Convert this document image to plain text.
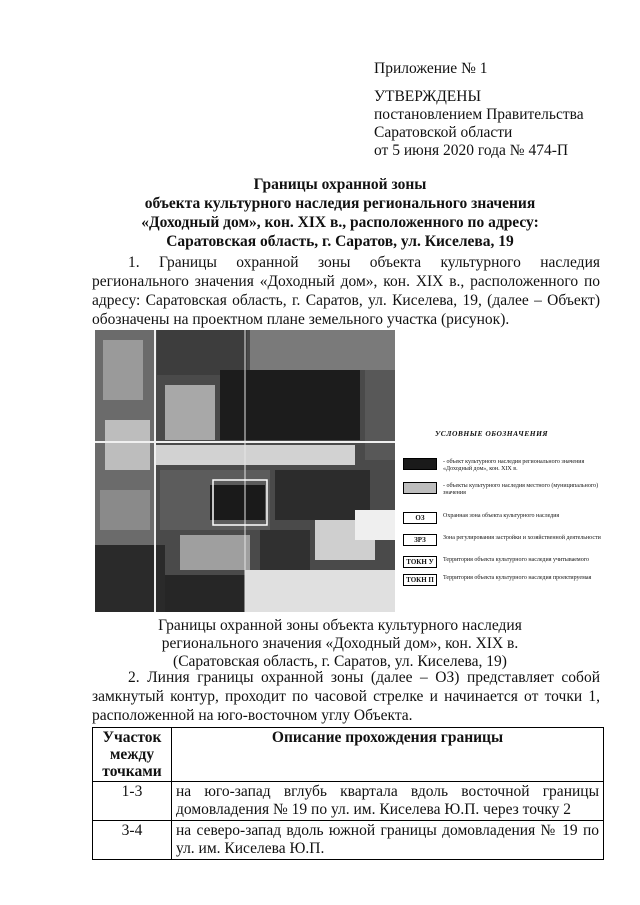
Приложение № 1
УТВЕРЖДЕНЫ
постановлением Правительства
Саратовской области
от 5 июня 2020 года № 474-П
Границы охранной зоны
объекта культурного наследия регионального значения
«Доходный дом», кон. XIX в., расположенного по адресу:
Саратовская область, г. Саратов, ул. Киселева, 19
1. Границы охранной зоны объекта культурного наследия регионального значения «Доходный дом», кон. XIX в., расположенного по адресу: Саратовская область, г. Саратов, ул. Киселева, 19, (далее – Объект) обозначены на проектном плане земельного участка (рисунок).
УСЛОВНЫЕ ОБОЗНАЧЕНИЯ
- объект культурного наследия регионального значения «Доходный дом», кон. XIX в.
- объекты культурного наследия местного (муниципального) значения
ОЗ	Охранная зона объекта культурного наследия
ЗРЗ	Зона регулирования застройки и хозяйственной деятельности
ТОКН У	Территория объекта культурного наследия учитываемого
ТОКН П	Территория объекта культурного наследия проектируемая
Границы охранной зоны объекта культурного наследия
регионального значения «Доходный дом», кон. XIX в.
(Саратовская область, г. Саратов, ул. Киселева, 19)
2. Линия границы охранной зоны (далее – ОЗ) представляет собой замкнутый контур, проходит по часовой стрелке и начинается от точки 1, расположенной на юго-восточном углу Объекта.
Участок между точками	Описание прохождения границы
1-3	на юго-запад вглубь квартала вдоль восточной границы домовладения № 19 по ул. им. Киселева Ю.П. через точку 2
3-4	на северо-запад вдоль южной границы домовладения № 19 по ул. им. Киселева Ю.П.
